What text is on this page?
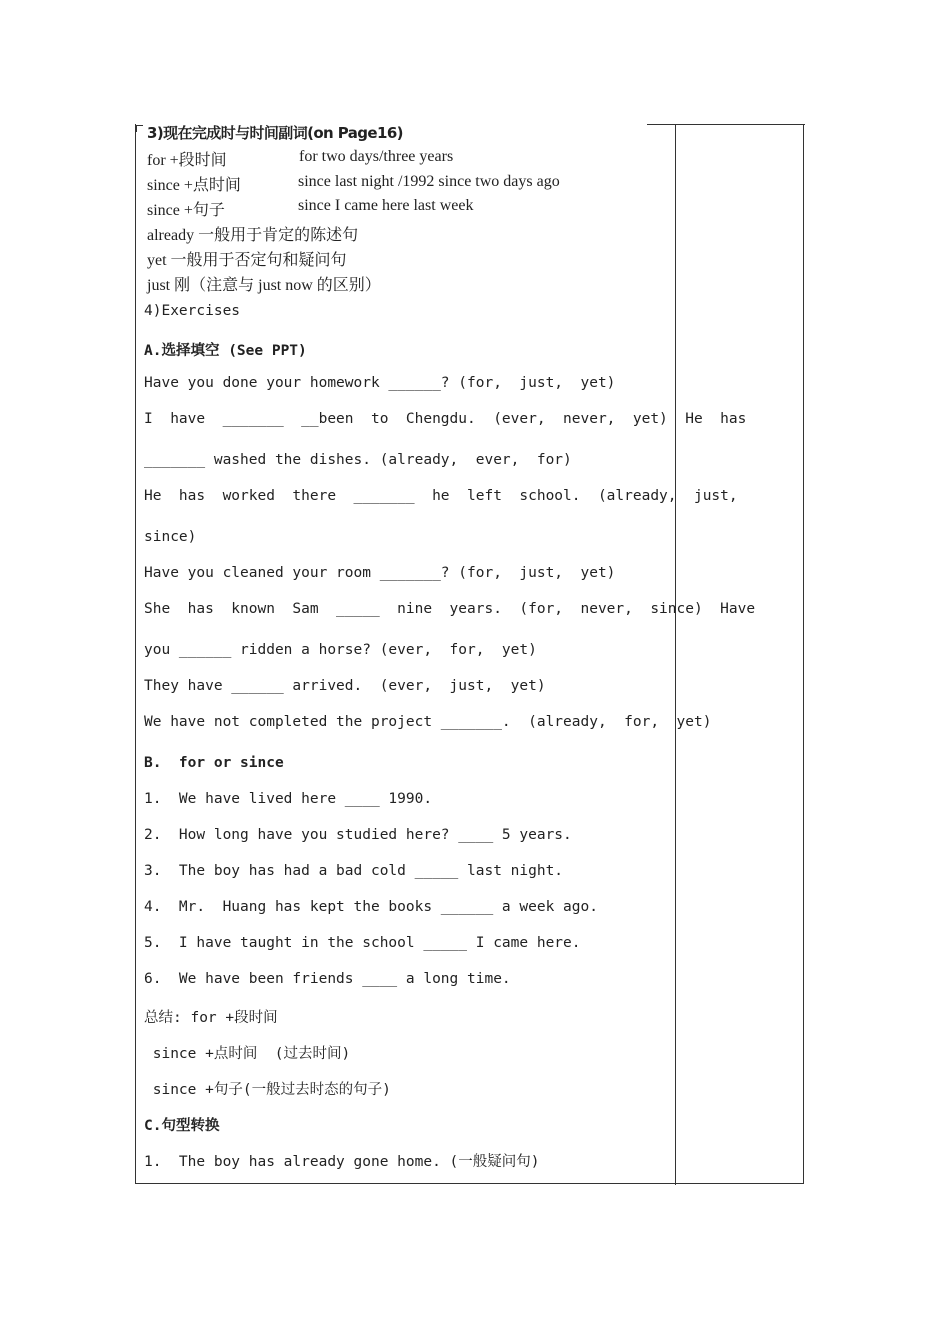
3)现在完成时与时间副词(on Page16)
for +段时间	for two days/three years
since +点时间	since last night /1992 since two days ago
since +句子	since I came here last week
already 一般用于肯定的陈述句
yet 一般用于否定句和疑问句
just 刚（注意与 just now 的区别）
4)Exercises
A.选择填空 (See PPT)
Have you done your homework ______? (for,  just,  yet)
I  have  _______  __been  to  Chengdu.  (ever,  never,  yet)  He  has
_______ washed the dishes. (already,  ever,  for)
He  has  worked  there  _______  he  left  school.  (already,  just,
since)
Have you cleaned your room _______? (for,  just,  yet)
She  has  known  Sam  _____  nine  years.  (for,  never,  since)  Have
you ______ ridden a horse? (ever,  for,  yet)
They have ______ arrived.  (ever,  just,  yet)
We have not completed the project _______.  (already,  for,  yet)
B.  for or since
1.  We have lived here ____ 1990.
2.  How long have you studied here? ____ 5 years.
3.  The boy has had a bad cold _____ last night.
4.  Mr.  Huang has kept the books ______ a week ago.
5.  I have taught in the school _____ I came here.
6.  We have been friends ____ a long time.
总结: for +段时间
since +点时间  (过去时间)
since +句子(一般过去时态的句子)
C.句型转换
1.  The boy has already gone home. (一般疑问句)
